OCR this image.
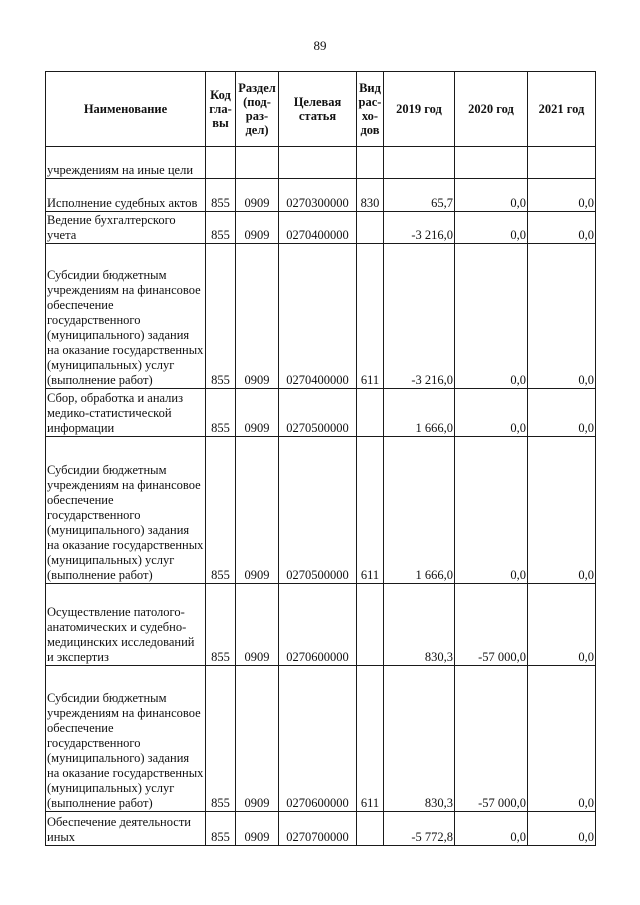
89
Наименование	Код гла- вы	Раздел (под- раз- дел)	Целевая статья	Вид рас- хо- дов	2019 год	2020 год	2021 год
учреждениям на иные цели							
Исполнение судебных актов	855	0909	0270300000	830	65,7	0,0	0,0
Ведение бухгалтерского учета	855	0909	0270400000		-3 216,0	0,0	0,0
Субсидии бюджетным учреждениям на финансовое обеспечение государственного (муниципального) задания на оказание государственных (муниципальных) услуг (выполнение работ)	855	0909	0270400000	611	-3 216,0	0,0	0,0
Сбор, обработка и анализ медико-статистической информации	855	0909	0270500000		1 666,0	0,0	0,0
Субсидии бюджетным учреждениям на финансовое обеспечение государственного (муниципального) задания на оказание государственных (муниципальных) услуг (выполнение работ)	855	0909	0270500000	611	1 666,0	0,0	0,0
Осуществление патолого-анатомических и судебно-медицинских исследований и экспертиз	855	0909	0270600000		830,3	-57 000,0	0,0
Субсидии бюджетным учреждениям на финансовое обеспечение государственного (муниципального) задания на оказание государственных (муниципальных) услуг (выполнение работ)	855	0909	0270600000	611	830,3	-57 000,0	0,0
Обеспечение деятельности иных	855	0909	0270700000		-5 772,8	0,0	0,0
